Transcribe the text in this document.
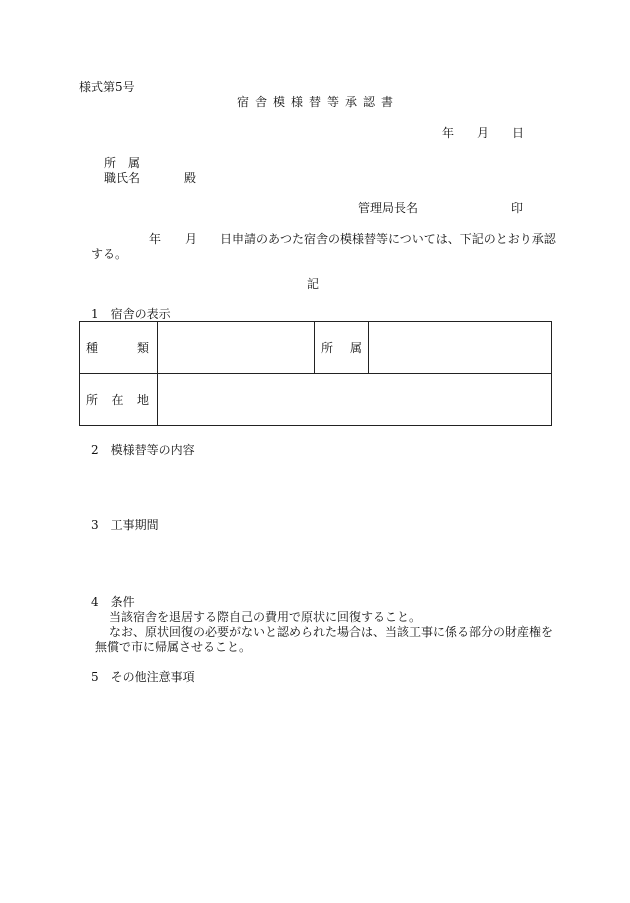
様式第5号
宿舎模様替等承認書
年 月 日
所　属
職氏名	殿
管理局長名	印
年 月 日申請のあつた宿舎の模様替等については、下記のとおり承認
する。
記
1　宿舎の表示
種 類		所 属	

所 在 地			

2　模様替等の内容
3　工事期間
4　条件
当該宿舎を退居する際自己の費用で原状に回復すること。
なお、原状回復の必要がないと認められた場合は、当該工事に係る部分の財産権を
無償で市に帰属させること。
5　その他注意事項
